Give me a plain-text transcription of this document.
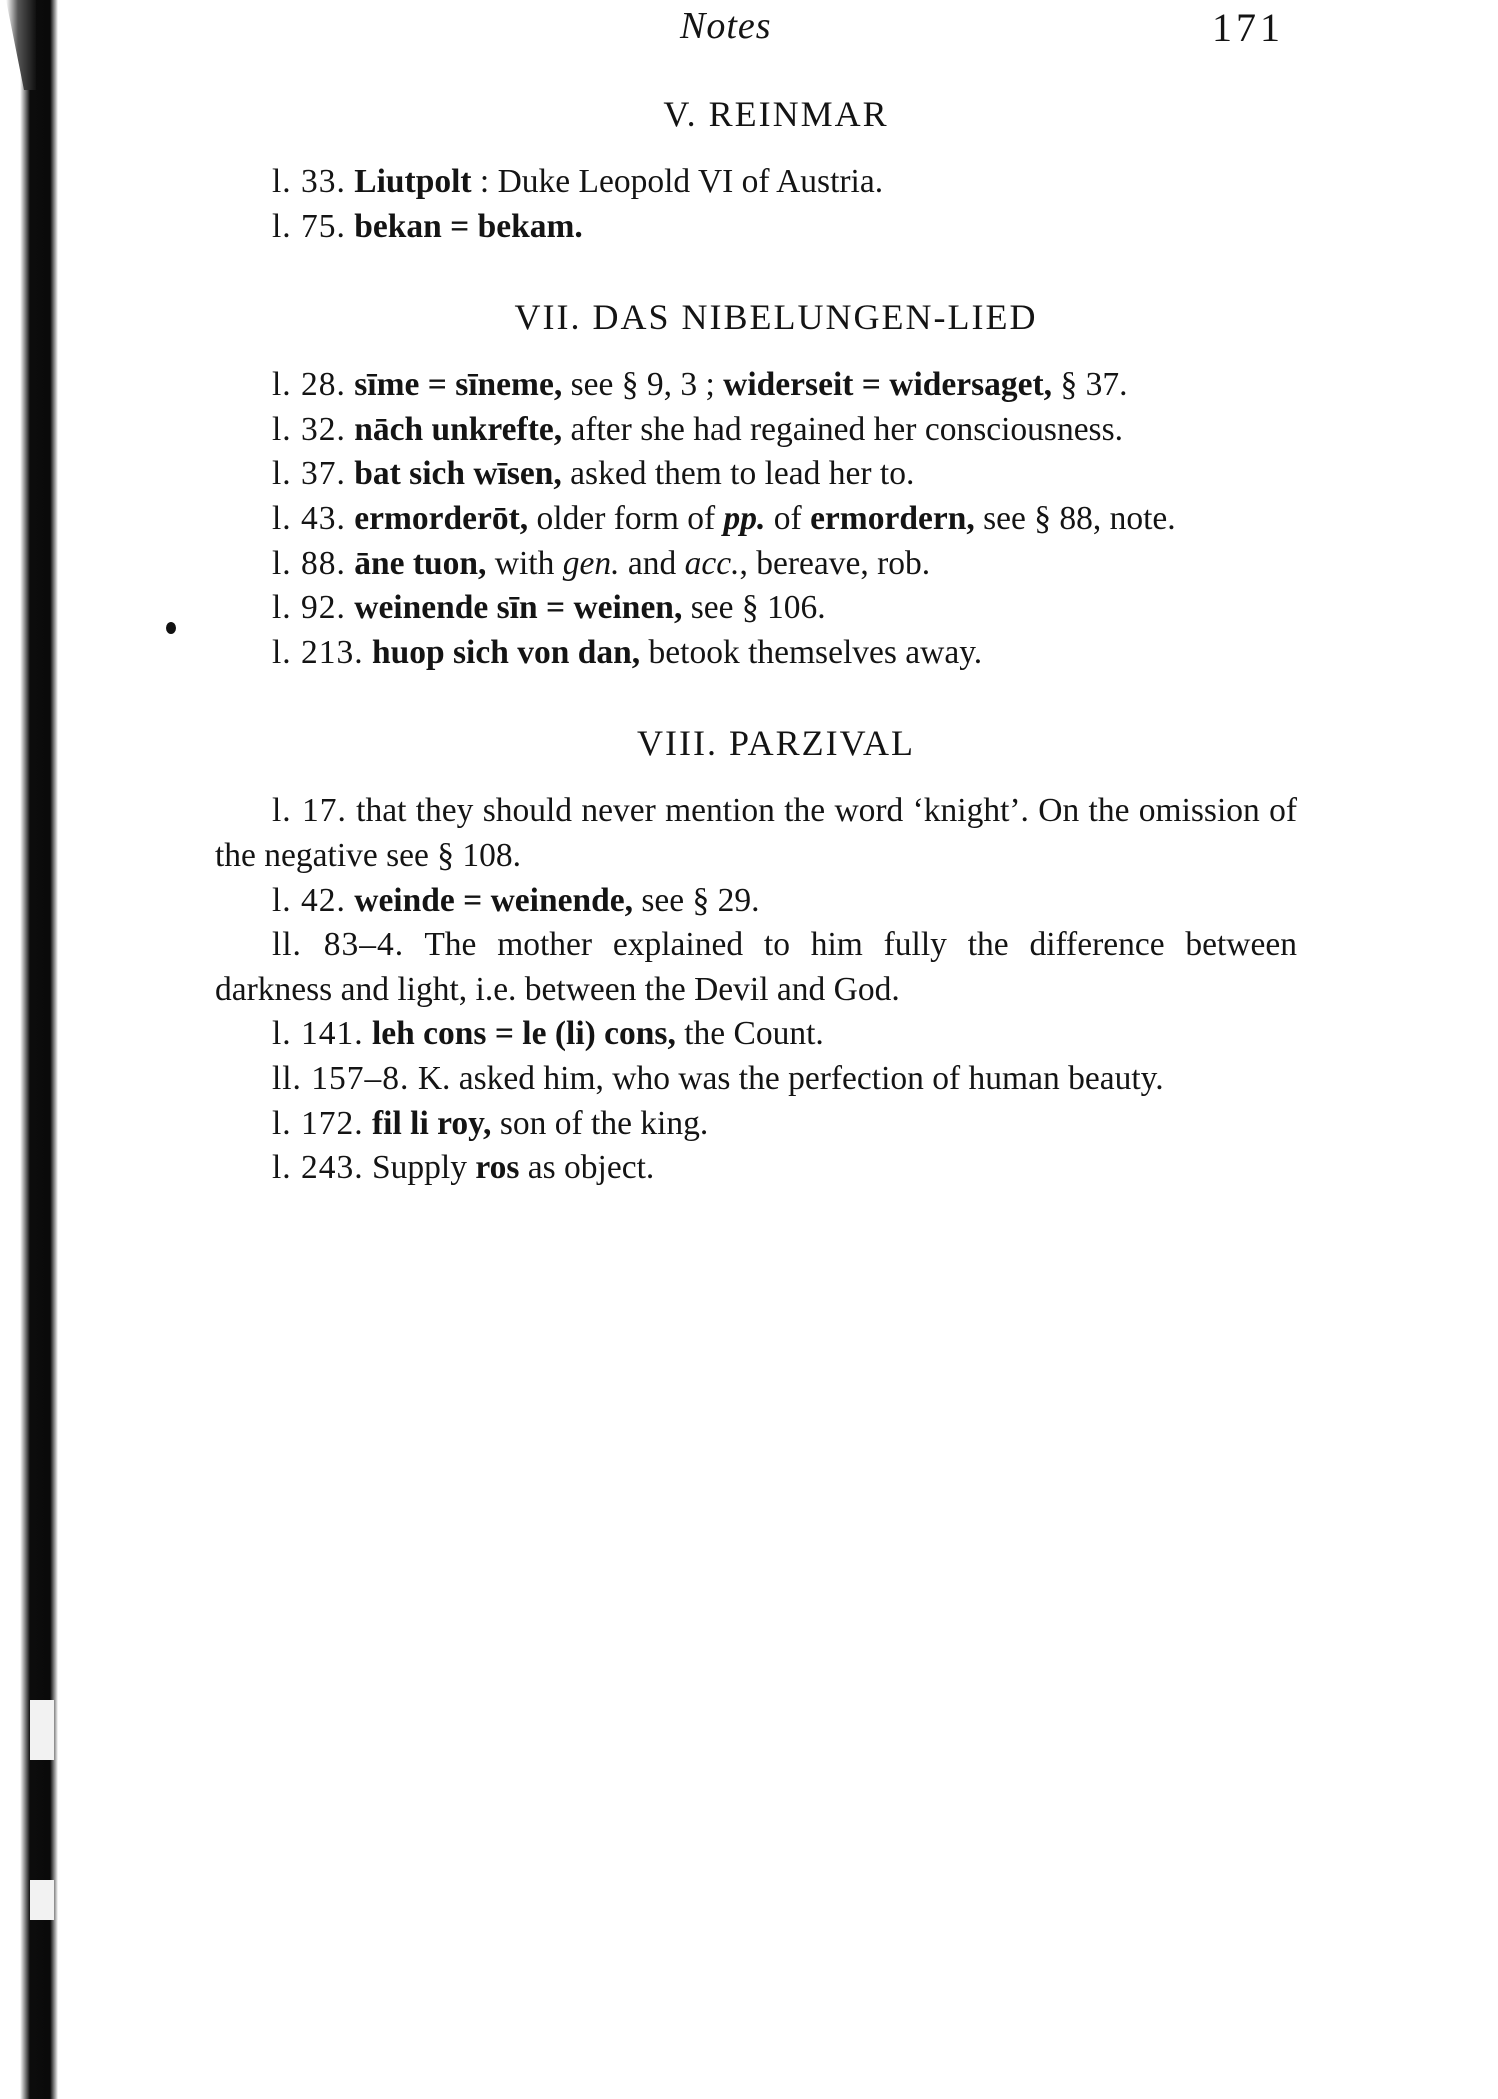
Notes	171
V. REINMAR

l. 33. Liutpolt : Duke Leopold VI of Austria.

l. 75. bekan = bekam.

VII. DAS NIBELUNGEN-LIED

l. 28. sīme = sīneme, see § 9, 3 ; widerseit = widersaget, § 37.

l. 32. nāch unkrefte, after she had regained her consciousness.

l. 37. bat sich wīsen, asked them to lead her to.

l. 43. ermorderōt, older form of pp. of ermordern, see § 88, note.

l. 88. āne tuon, with gen. and acc., bereave, rob.

l. 92. weinende sīn = weinen, see § 106.

l. 213. huop sich von dan, betook themselves away.

VIII. PARZIVAL

l. 17. that they should never mention the word ‘knight’. On the omission of the negative see § 108.

l. 42. weinde = weinende, see § 29.

ll. 83–4. The mother explained to him fully the difference between darkness and light, i.e. between the Devil and God.

l. 141. leh cons = le (li) cons, the Count.

ll. 157–8. K. asked him, who was the perfection of human beauty.

l. 172. fil li roy, son of the king.

l. 243. Supply ros as object.
